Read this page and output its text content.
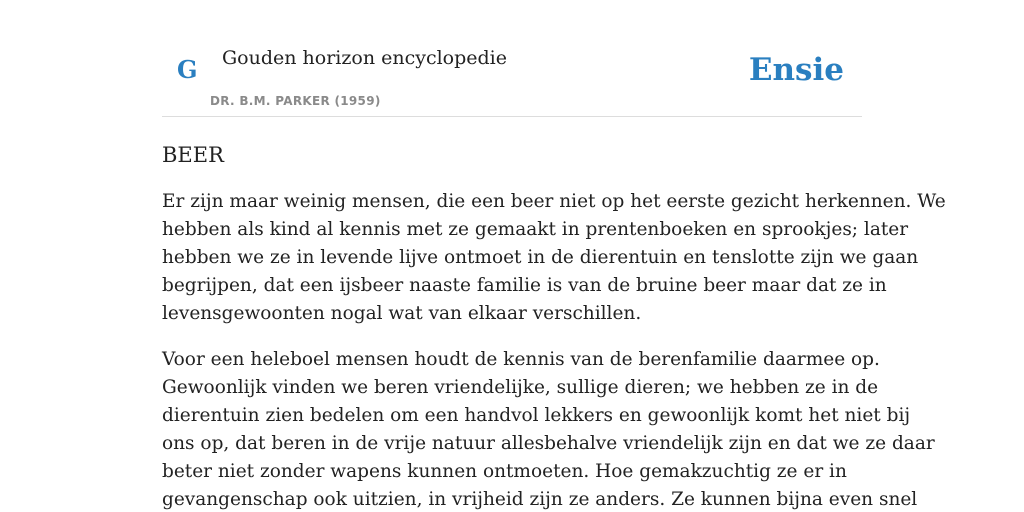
G Gouden horizon encyclopedie
DR. B.M. PARKER (1959)
Ensie
BEER

Er zijn maar weinig mensen, die een beer niet op het eerste gezicht herkennen. We
hebben als kind al kennis met ze gemaakt in prentenboeken en sprookjes; later
hebben we ze in levende lijve ontmoet in de dierentuin en tenslotte zijn we gaan
begrijpen, dat een ijsbeer naaste familie is van de bruine beer maar dat ze in
levensgewoonten nogal wat van elkaar verschillen.

Voor een heleboel mensen houdt de kennis van de berenfamilie daarmee op.
Gewoonlijk vinden we beren vriendelijke, sullige dieren; we hebben ze in de
dierentuin zien bedelen om een handvol lekkers en gewoonlijk komt het niet bij
ons op, dat beren in de vrije natuur allesbehalve vriendelijk zijn en dat we ze daar
beter niet zonder wapens kunnen ontmoeten. Hoe gemakzuchtig ze er in
gevangenschap ook uitzien, in vrijheid zijn ze anders. Ze kunnen bijna even snel
